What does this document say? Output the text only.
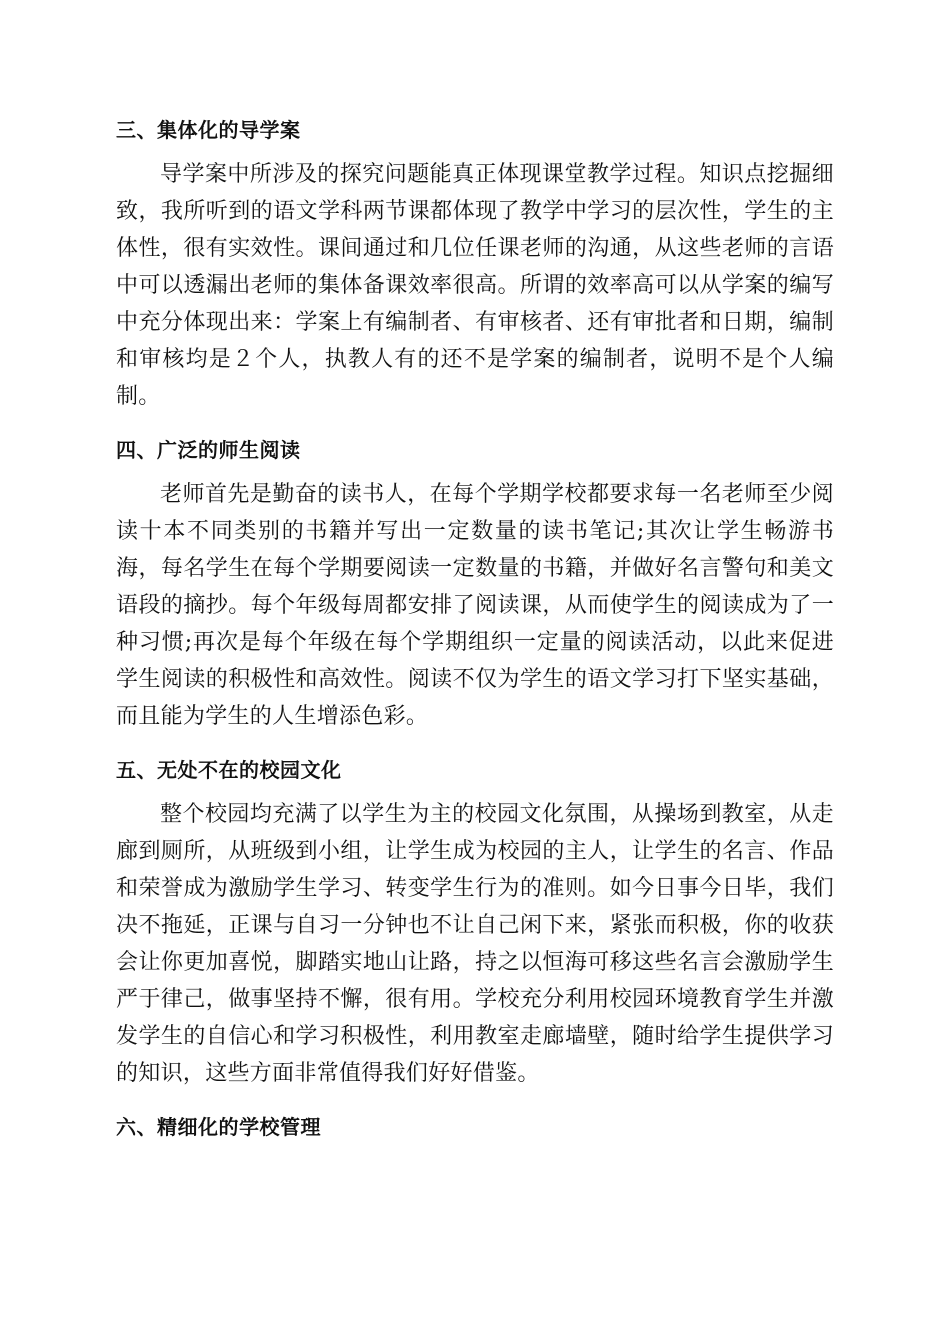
三、集体化的导学案

导学案中所涉及的探究问题能真正体现课堂教学过程。知识点挖掘细致，我所听到的语文学科两节课都体现了教学中学习的层次性，学生的主体性，很有实效性。课间通过和几位任课老师的沟通，从这些老师的言语中可以透漏出老师的集体备课效率很高。所谓的效率高可以从学案的编写中充分体现出来：学案上有编制者、有审核者、还有审批者和日期，编制和审核均是２个人，执教人有的还不是学案的编制者，说明不是个人编制。

四、广泛的师生阅读

老师首先是勤奋的读书人，在每个学期学校都要求每一名老师至少阅读十本不同类别的书籍并写出一定数量的读书笔记;其次让学生畅游书海，每名学生在每个学期要阅读一定数量的书籍，并做好名言警句和美文语段的摘抄。每个年级每周都安排了阅读课，从而使学生的阅读成为了一种习惯;再次是每个年级在每个学期组织一定量的阅读活动，以此来促进学生阅读的积极性和高效性。阅读不仅为学生的语文学习打下坚实基础，而且能为学生的人生增添色彩。

五、无处不在的校园文化

整个校园均充满了以学生为主的校园文化氛围，从操场到教室，从走廊到厕所，从班级到小组，让学生成为校园的主人，让学生的名言、作品和荣誉成为激励学生学习、转变学生行为的准则。如今日事今日毕，我们决不拖延，正课与自习一分钟也不让自己闲下来，紧张而积极，你的收获会让你更加喜悦，脚踏实地山让路，持之以恒海可移这些名言会激励学生严于律己，做事坚持不懈，很有用。学校充分利用校园环境教育学生并激发学生的自信心和学习积极性，利用教室走廊墙壁，随时给学生提供学习的知识，这些方面非常值得我们好好借鉴。

六、精细化的学校管理
